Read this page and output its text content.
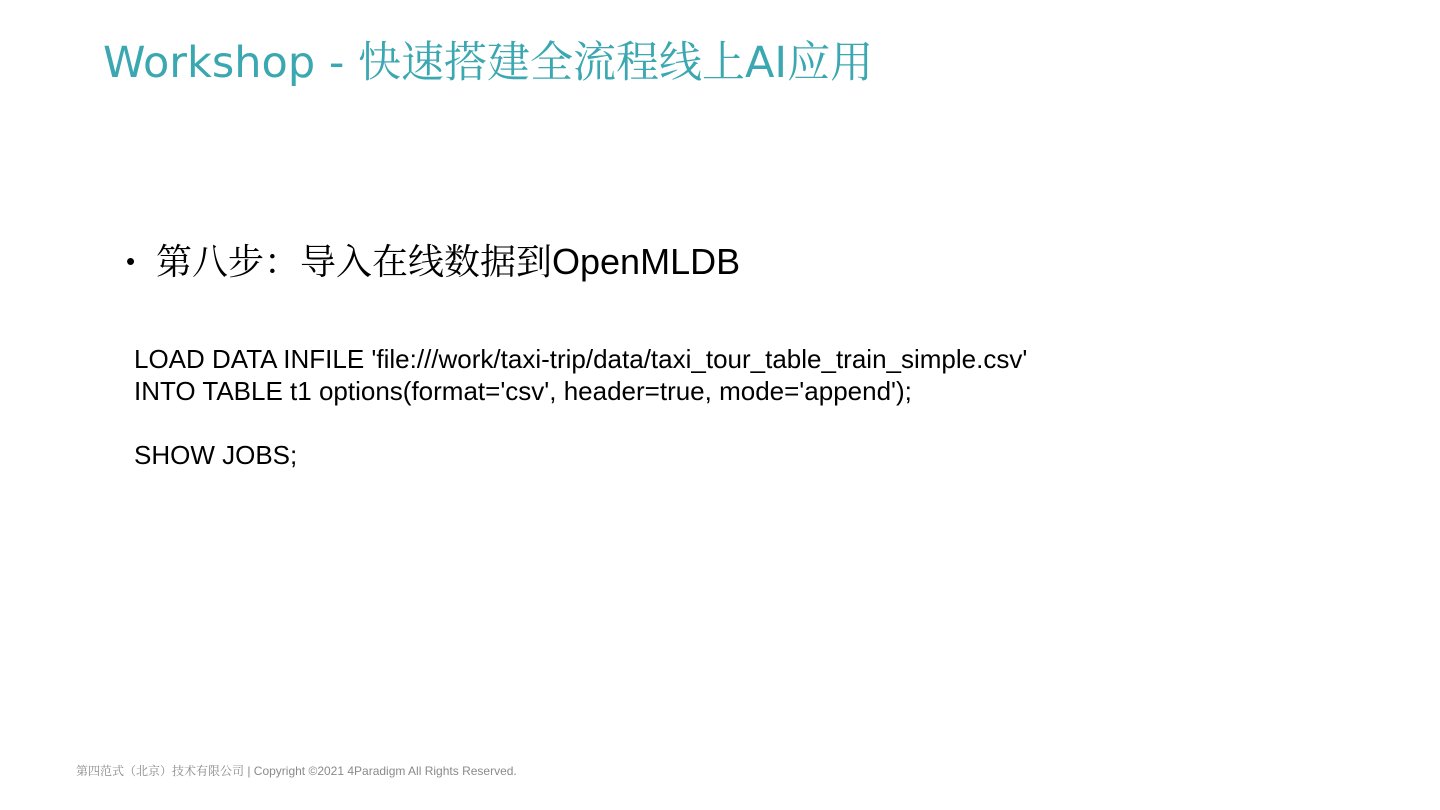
Workshop - 快速搭建全流程线上AI应用
• 第八步：导入在线数据到OpenMLDB
LOAD DATA INFILE 'file:///work/taxi-trip/data/taxi_tour_table_train_simple.csv'
INTO TABLE t1 options(format='csv', header=true, mode='append');
SHOW JOBS;
第四范式（北京）技术有限公司 | Copyright ©2021 4Paradigm All Rights Reserved.
